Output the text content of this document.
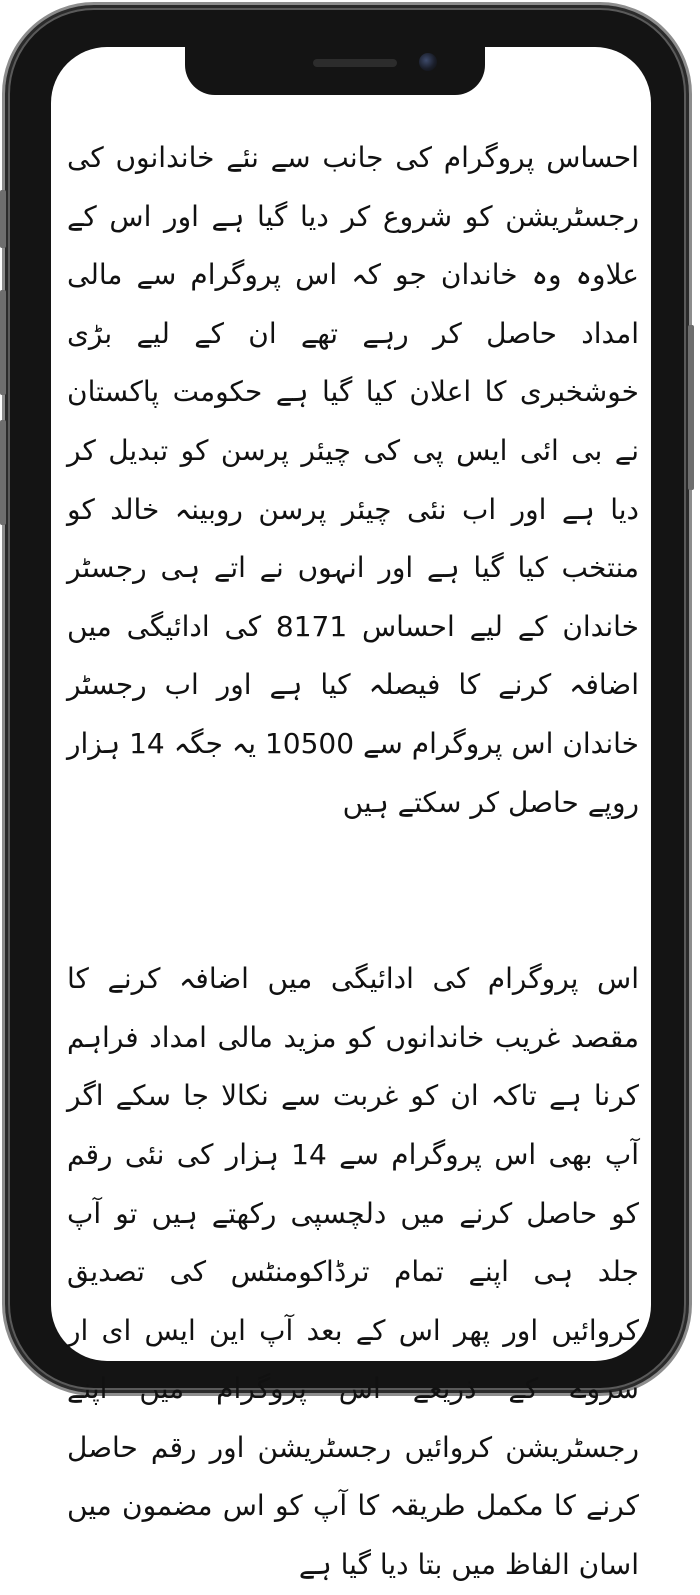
احساس پروگرام کی جانب سے نئے خاندانوں کی رجسٹریشن کو شروع کر دیا گیا ہے اور اس کے علاوہ وہ خاندان جو کہ اس پروگرام سے مالی امداد حاصل کر رہے تھے ان کے لیے بڑی خوشخبری کا اعلان کیا گیا ہے حکومت پاکستان نے بی ائی ایس پی کی چیئر پرسن کو تبدیل کر دیا ہے اور اب نئی چیئر پرسن روبینہ خالد کو منتخب کیا گیا ہے اور انہوں نے اتے ہی رجسٹر خاندان کے لیے احساس 8171 کی ادائیگی میں اضافہ کرنے کا فیصلہ کیا ہے اور اب رجسٹر خاندان اس پروگرام سے 10500 یہ جگہ 14 ہزار روپے حاصل کر سکتے ہیں

اس پروگرام کی ادائیگی میں اضافہ کرنے کا مقصد غریب خاندانوں کو مزید مالی امداد فراہم کرنا ہے تاکہ ان کو غربت سے نکالا جا سکے اگر آپ بھی اس پروگرام سے 14 ہزار کی نئی رقم کو حاصل کرنے میں دلچسپی رکھتے ہیں تو آپ جلد ہی اپنے تمام ترڈاکومنٹس کی تصدیق کروائیں اور پھر اس کے بعد آپ این ایس ای ار سروے کے ذریعے اس پروگرام میں اپنے رجسٹریشن کروائیں رجسٹریشن اور رقم حاصل کرنے کا مکمل طریقہ کا آپ کو اس مضمون میں اسان الفاظ میں بتا دیا گیا ہے
